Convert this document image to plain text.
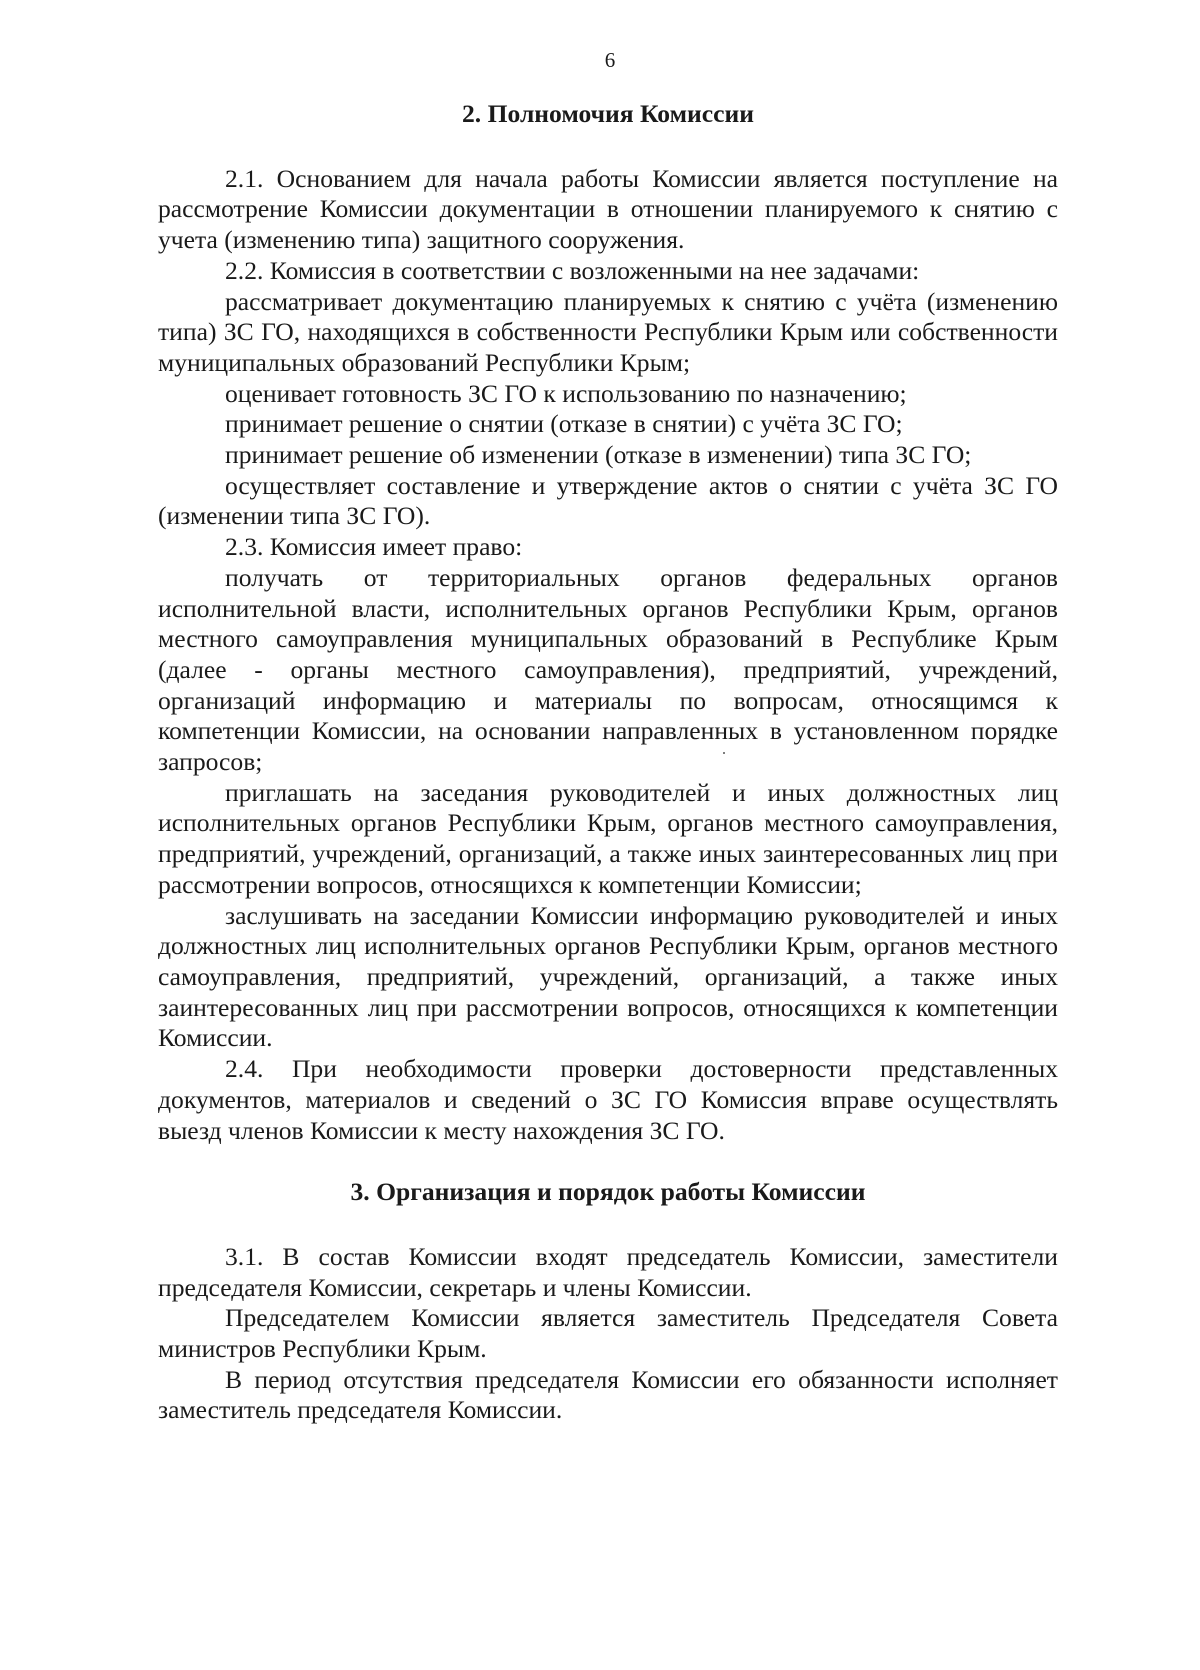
6
2. Полномочия Комиссии

2.1. Основанием для начала работы Комиссии является поступление на рассмотрение Комиссии документации в отношении планируемого к снятию с учета (изменению типа) защитного сооружения.

2.2. Комиссия в соответствии с возложенными на нее задачами:

рассматривает документацию планируемых к снятию с учёта (изменению типа) ЗС ГО, находящихся в собственности Республики Крым или собственности муниципальных образований Республики Крым;

оценивает готовность ЗС ГО к использованию по назначению;

принимает решение о снятии (отказе в снятии) с учёта ЗС ГО;

принимает решение об изменении (отказе в изменении) типа ЗС ГО;

осуществляет составление и утверждение актов о снятии с учёта ЗС ГО (изменении типа ЗС ГО).

2.3. Комиссия имеет право:

получать от территориальных органов федеральных органов исполнительной власти, исполнительных органов Республики Крым, органов местного самоуправления муниципальных образований в Республике Крым (далее - органы местного самоуправления), предприятий, учреждений, организаций информацию и материалы по вопросам, относящимся к компетенции Комиссии, на основании направленных в установленном порядке запросов;

приглашать на заседания руководителей и иных должностных лиц исполнительных органов Республики Крым, органов местного самоуправления, предприятий, учреждений, организаций, а также иных заинтересованных лиц при рассмотрении вопросов, относящихся к компетенции Комиссии;

заслушивать на заседании Комиссии информацию руководителей и иных должностных лиц исполнительных органов Республики Крым, органов местного самоуправления, предприятий, учреждений, организаций, а также иных заинтересованных лиц при рассмотрении вопросов, относящихся к компетенции Комиссии.

2.4. При необходимости проверки достоверности представленных документов, материалов и сведений о ЗС ГО Комиссия вправе осуществлять выезд членов Комиссии к месту нахождения ЗС ГО.

3. Организация и порядок работы Комиссии

3.1. В состав Комиссии входят председатель Комиссии, заместители председателя Комиссии, секретарь и члены Комиссии.

Председателем Комиссии является заместитель Председателя Совета министров Республики Крым.

В период отсутствия председателя Комиссии его обязанности исполняет заместитель председателя Комиссии.
